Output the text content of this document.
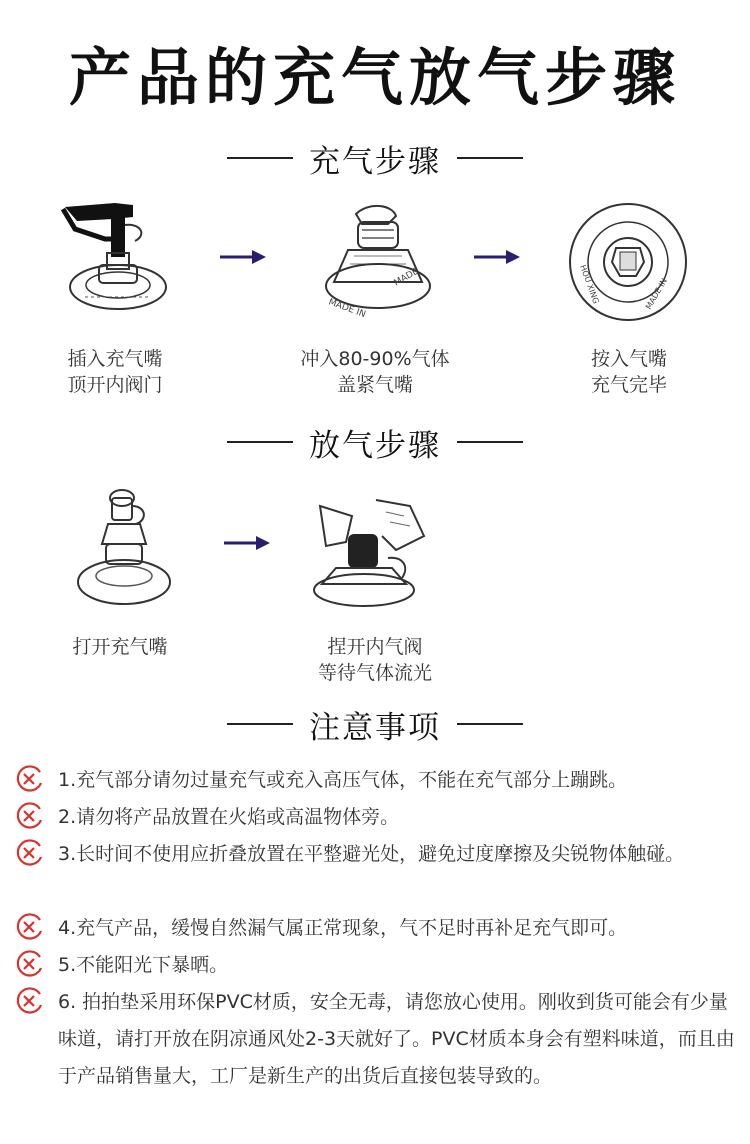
产品的充气放气步骤
充气步骤
MADE IN
MADE	HOU XING	MADE IN
插入充气嘴
顶开内阀门
冲入80-90%气体
盖紧气嘴
按入气嘴
充气完毕
放气步骤
打开充气嘴	捏开内气阀
等待气体流光
注意事项
1.充气部分请勿过量充气或充入高压气体，不能在充气部分上蹦跳。
2.请勿将产品放置在火焰或高温物体旁。
3.长时间不使用应折叠放置在平整避光处，避免过度摩擦及尖锐物体触碰。
4.充气产品，缓慢自然漏气属正常现象，气不足时再补足充气即可。
5.不能阳光下暴晒。
6. 拍拍垫采用环保PVC材质，安全无毒，请您放心使用。刚收到货可能会有少量味道，请打开放在阴凉通风处2-3天就好了。PVC材质本身会有塑料味道，而且由于产品销售量大，工厂是新生产的出货后直接包装导致的。
